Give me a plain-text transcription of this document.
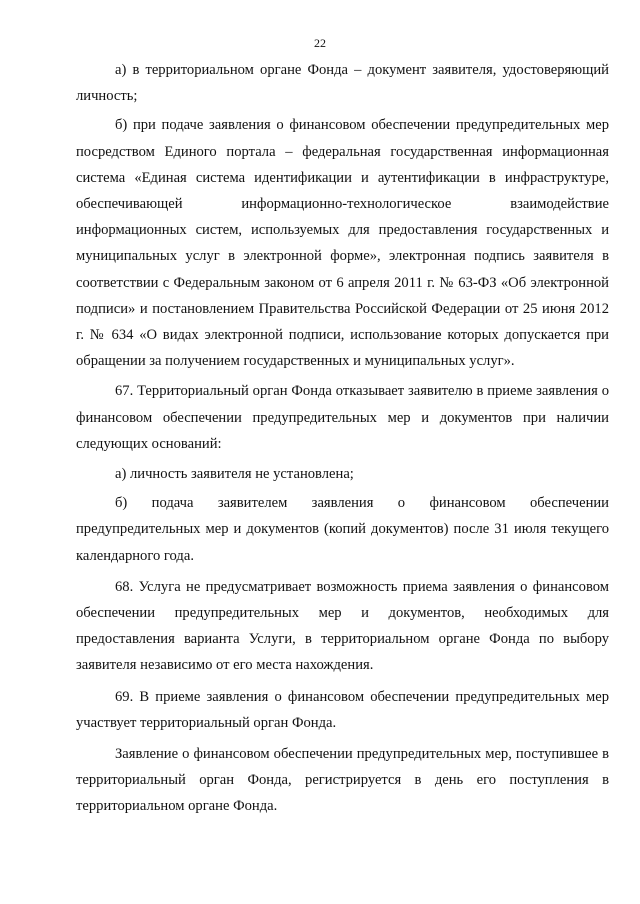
22

а) в территориальном органе Фонда – документ заявителя, удостоверяющий личность;

б) при подаче заявления о финансовом обеспечении предупредительных мер посредством Единого портала – федеральная государственная информационная система «Единая система идентификации и аутентификации в инфраструктуре, обеспечивающей информационно-технологическое взаимодействие информационных систем, используемых для предоставления государственных и муниципальных услуг в электронной форме», электронная подпись заявителя в соответствии с Федеральным законом от 6 апреля 2011 г. № 63-ФЗ «Об электронной подписи» и постановлением Правительства Российской Федерации от 25 июня 2012 г. № 634 «О видах электронной подписи, использование которых допускается при обращении за получением государственных и муниципальных услуг».

67. Территориальный орган Фонда отказывает заявителю в приеме заявления о финансовом обеспечении предупредительных мер и документов при наличии следующих оснований:

а) личность заявителя не установлена;

б) подача заявителем заявления о финансовом обеспечении предупредительных мер и документов (копий документов) после 31 июля текущего календарного года.

68. Услуга не предусматривает возможность приема заявления о финансовом обеспечении предупредительных мер и документов, необходимых для предоставления варианта Услуги, в территориальном органе Фонда по выбору заявителя независимо от его места нахождения.

69. В приеме заявления о финансовом обеспечении предупредительных мер участвует территориальный орган Фонда.

Заявление о финансовом обеспечении предупредительных мер, поступившее в территориальный орган Фонда, регистрируется в день его поступления в территориальном органе Фонда.
